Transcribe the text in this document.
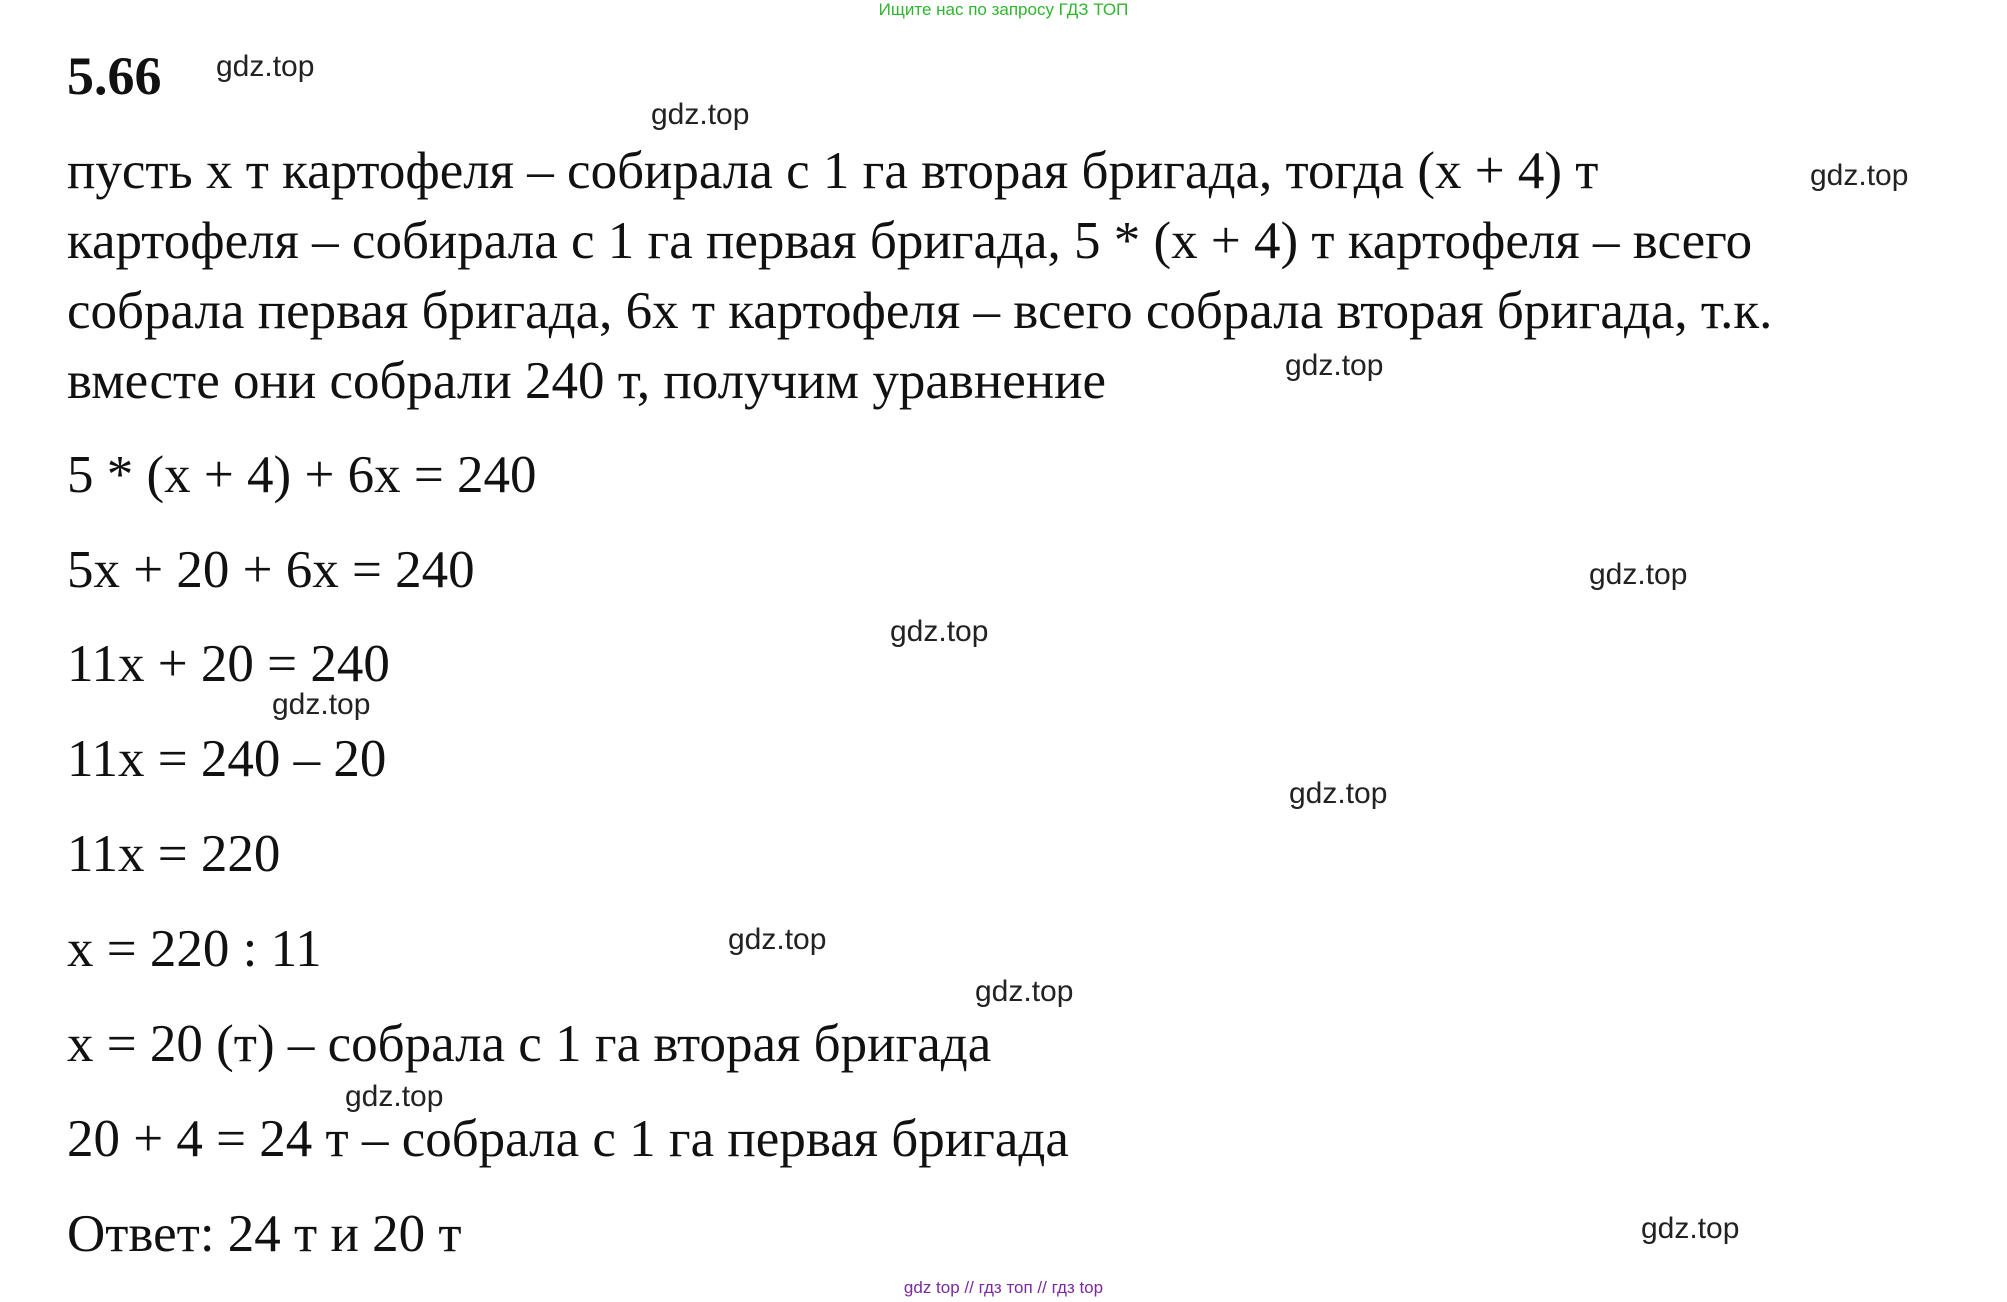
Ищите нас по запросу ГДЗ ТОП
5.66
пусть х т картофеля – собирала с 1 га вторая бригада, тогда (х + 4) т
картофеля – собирала с 1 га первая бригада, 5 * (х + 4) т картофеля – всего
собрала первая бригада, 6х т картофеля – всего собрала вторая бригада, т.к.
вместе они собрали 240 т, получим уравнение
5 * (х + 4) + 6х = 240
5х + 20 + 6х = 240
11х + 20 = 240
11х = 240 – 20
11х = 220
х = 220 : 11
х = 20 (т) – собрала с 1 га вторая бригада
20 + 4 = 24 т – собрала с 1 га первая бригада
Ответ: 24 т и 20 т
gdz.top
gdz.top
gdz.top
gdz.top
gdz.top
gdz.top
gdz.top
gdz.top
gdz.top
gdz.top
gdz.top
gdz.top
gdz top // гдз топ // гдз top
